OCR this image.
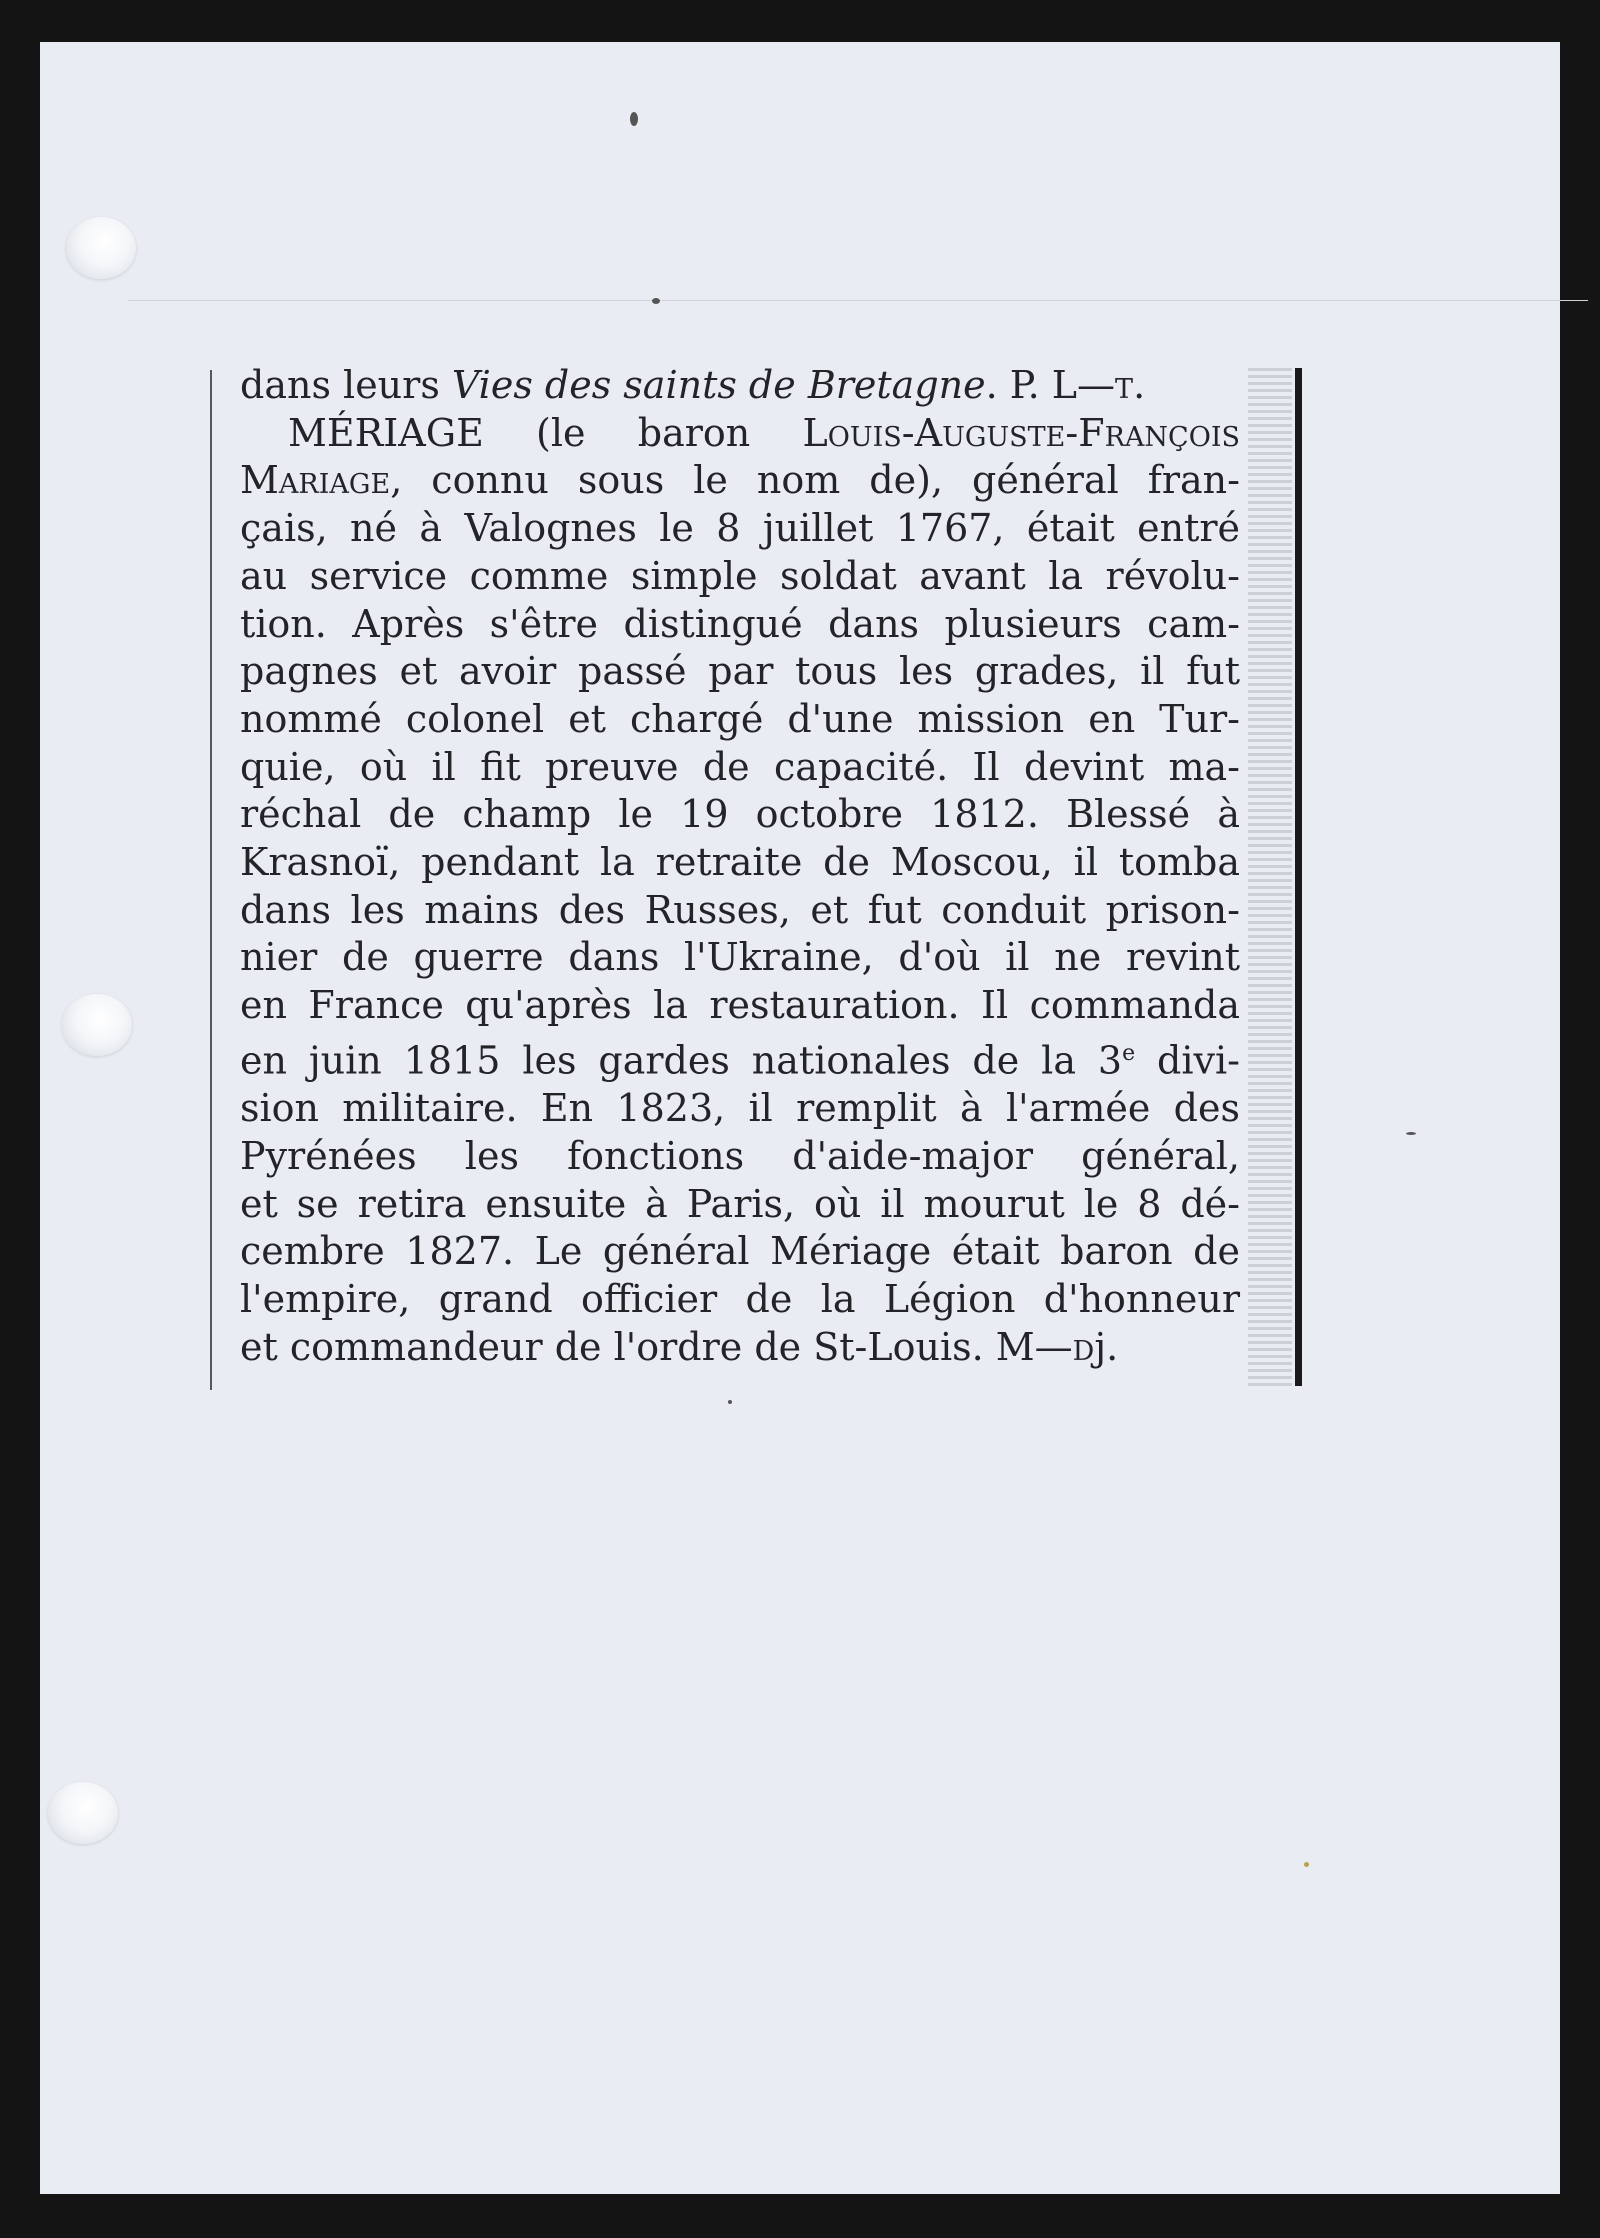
dans leurs Vies des saints de Bretagne. P. L—t.
MÉRIAGE (le baron Louis-Auguste-François
Mariage, connu sous le nom de), général fran-
çais, né à Valognes le 8 juillet 1767, était entré
au service comme simple soldat avant la révolu-
tion. Après s'être distingué dans plusieurs cam-
pagnes et avoir passé par tous les grades, il fut
nommé colonel et chargé d'une mission en Tur-
quie, où il fit preuve de capacité. Il devint ma-
réchal de champ le 19 octobre 1812. Blessé à
Krasnoï, pendant la retraite de Moscou, il tomba
dans les mains des Russes, et fut conduit prison-
nier de guerre dans l'Ukraine, d'où il ne revint
en France qu'après la restauration. Il commanda
en juin 1815 les gardes nationales de la 3e divi-
sion militaire. En 1823, il remplit à l'armée des
Pyrénées les fonctions d'aide-major général,
et se retira ensuite à Paris, où il mourut le 8 dé-
cembre 1827. Le général Mériage était baron de
l'empire, grand officier de la Légion d'honneur
et commandeur de l'ordre de St-Louis. M—dj.
